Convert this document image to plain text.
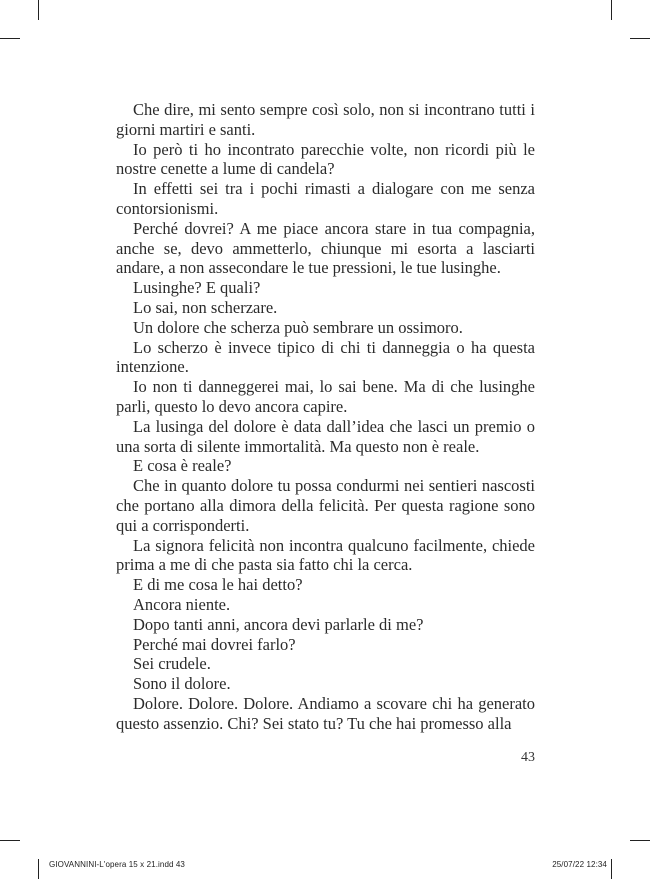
Che dire, mi sento sempre così solo, non si incontrano tutti i giorni martiri e santi.

Io però ti ho incontrato parecchie volte, non ricordi più le nostre cenette a lume di candela?

In effetti sei tra i pochi rimasti a dialogare con me senza contorsionismi.

Perché dovrei? A me piace ancora stare in tua compagnia, anche se, devo ammetterlo, chiunque mi esorta a lasciarti andare, a non assecondare le tue pressioni, le tue lusinghe.

Lusinghe? E quali?

Lo sai, non scherzare.

Un dolore che scherza può sembrare un ossimoro.

Lo scherzo è invece tipico di chi ti danneggia o ha questa intenzione.

Io non ti danneggerei mai, lo sai bene. Ma di che lusinghe parli, questo lo devo ancora capire.

La lusinga del dolore è data dall’idea che lasci un premio o una sorta di silente immortalità. Ma questo non è reale.

E cosa è reale?

Che in quanto dolore tu possa condurmi nei sentieri nascosti che portano alla dimora della felicità. Per questa ragione sono qui a corrisponderti.

La signora felicità non incontra qualcuno facilmente, chiede prima a me di che pasta sia fatto chi la cerca.

E di me cosa le hai detto?

Ancora niente.

Dopo tanti anni, ancora devi parlarle di me?

Perché mai dovrei farlo?

Sei crudele.

Sono il dolore.

Dolore. Dolore. Dolore. Andiamo a scovare chi ha generato questo assenzio. Chi? Sei stato tu? Tu che hai promesso alla

43
GIOVANNINI-L'opera 15 x 21.indd 43	25/07/22 12:34
